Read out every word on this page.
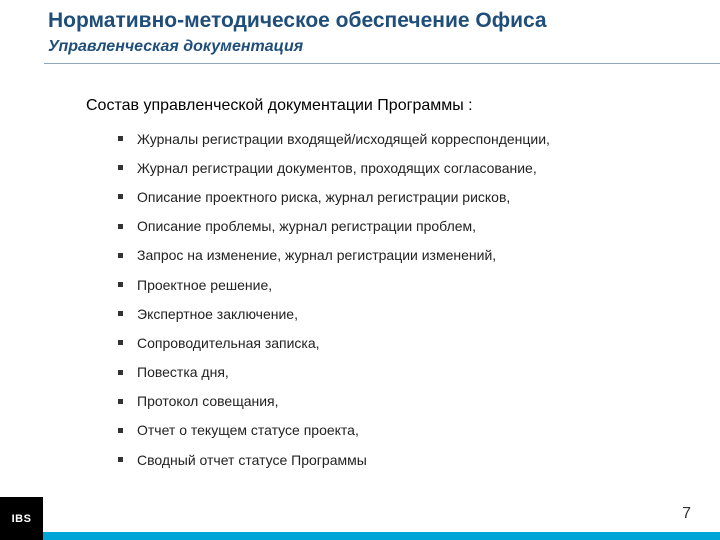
Нормативно-методическое обеспечение Офиса
Управленческая документация
Состав управленческой документации Программы :
Журналы регистрации входящей/исходящей корреспонденции,
Журнал регистрации документов, проходящих согласование,
Описание проектного риска, журнал регистрации рисков,
Описание проблемы, журнал регистрации проблем,
Запрос на изменение, журнал регистрации изменений,
Проектное решение,
Экспертное заключение,
Сопроводительная записка,
Повестка дня,
Протокол совещания,
Отчет о текущем статусе проекта,
Сводный отчет статусе Программы
IBS	7
